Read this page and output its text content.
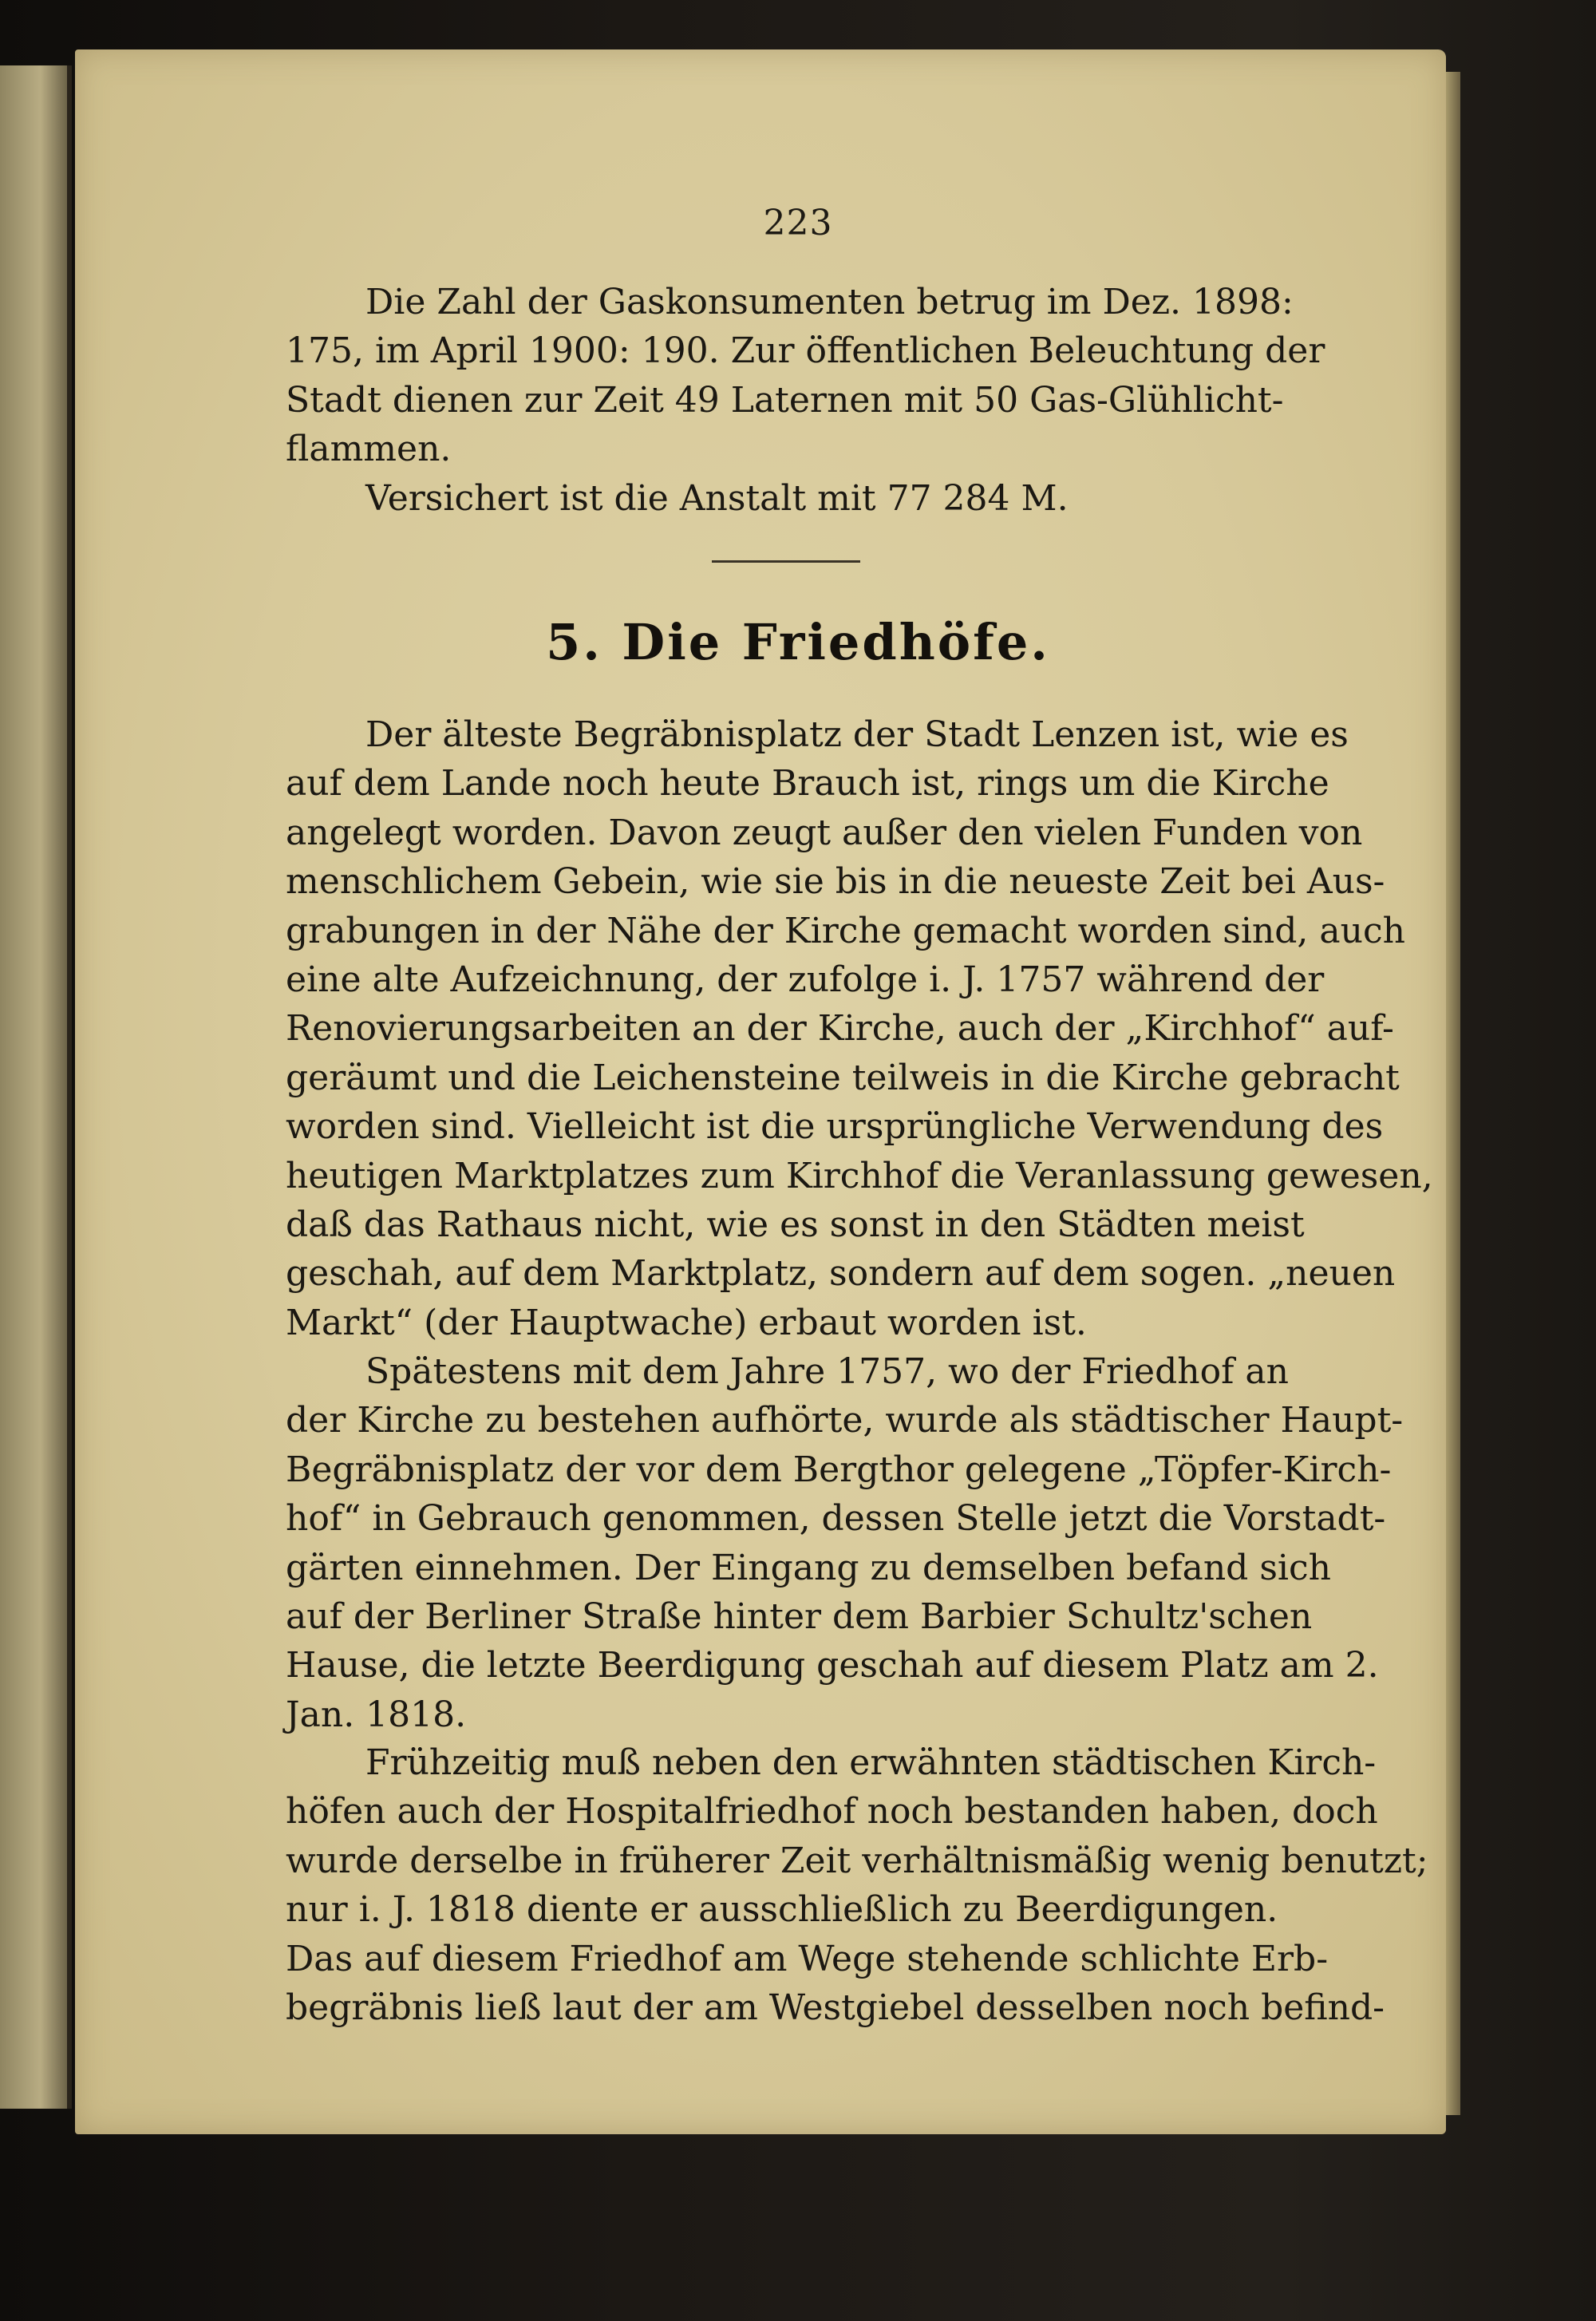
223
Die Zahl der Gaskonsumenten betrug im Dez. 1898:
175, im April 1900: 190. Zur öffentlichen Beleuchtung der
Stadt dienen zur Zeit 49 Laternen mit 50 Gas-Glühlicht-
flammen.
Versichert ist die Anstalt mit 77 284 M.
5. Die Friedhöfe.
Der älteste Begräbnisplatz der Stadt Lenzen ist, wie es
auf dem Lande noch heute Brauch ist, rings um die Kirche
angelegt worden. Davon zeugt außer den vielen Funden von
menschlichem Gebein, wie sie bis in die neueste Zeit bei Aus-
grabungen in der Nähe der Kirche gemacht worden sind, auch
eine alte Aufzeichnung, der zufolge i. J. 1757 während der
Renovierungsarbeiten an der Kirche, auch der „Kirchhof“ auf-
geräumt und die Leichensteine teilweis in die Kirche gebracht
worden sind. Vielleicht ist die ursprüngliche Verwendung des
heutigen Marktplatzes zum Kirchhof die Veranlassung gewesen,
daß das Rathaus nicht, wie es sonst in den Städten meist
geschah, auf dem Marktplatz, sondern auf dem sogen. „neuen
Markt“ (der Hauptwache) erbaut worden ist.
Spätestens mit dem Jahre 1757, wo der Friedhof an
der Kirche zu bestehen aufhörte, wurde als städtischer Haupt-
Begräbnisplatz der vor dem Bergthor gelegene „Töpfer-Kirch-
hof“ in Gebrauch genommen, dessen Stelle jetzt die Vorstadt-
gärten einnehmen. Der Eingang zu demselben befand sich
auf der Berliner Straße hinter dem Barbier Schultz'schen
Hause, die letzte Beerdigung geschah auf diesem Platz am 2.
Jan. 1818.
Frühzeitig muß neben den erwähnten städtischen Kirch-
höfen auch der Hospitalfriedhof noch bestanden haben, doch
wurde derselbe in früherer Zeit verhältnismäßig wenig benutzt;
nur i. J. 1818 diente er ausschließlich zu Beerdigungen.
Das auf diesem Friedhof am Wege stehende schlichte Erb-
begräbnis ließ laut der am Westgiebel desselben noch befind-
